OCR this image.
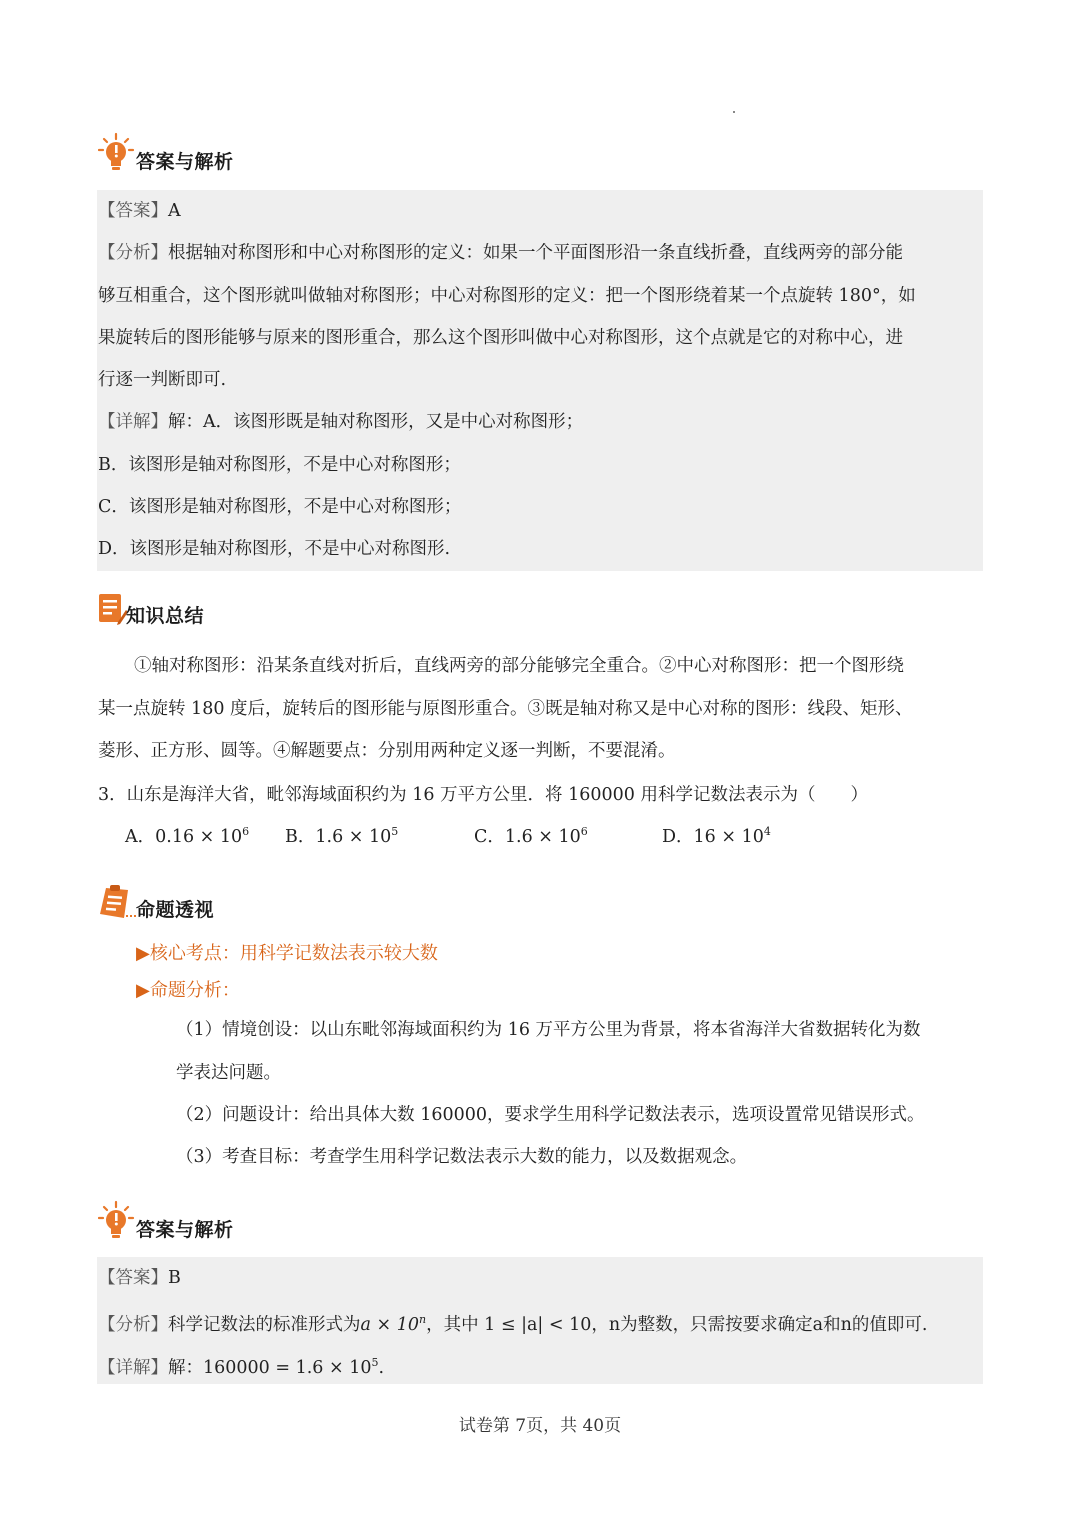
答案与解析
【答案】A
【分析】根据轴对称图形和中心对称图形的定义：如果一个平面图形沿一条直线折叠，直线两旁的部分能
够互相重合，这个图形就叫做轴对称图形；中心对称图形的定义：把一个图形绕着某一个点旋转 180°，如
果旋转后的图形能够与原来的图形重合，那么这个图形叫做中心对称图形，这个点就是它的对称中心，进
行逐一判断即可.
【详解】解：A．该图形既是轴对称图形，又是中心对称图形；
B．该图形是轴对称图形，不是中心对称图形；
C．该图形是轴对称图形，不是中心对称图形；
D．该图形是轴对称图形，不是中心对称图形.
知识总结
①轴对称图形：沿某条直线对折后，直线两旁的部分能够完全重合。②中心对称图形：把一个图形绕
某一点旋转 180 度后，旋转后的图形能与原图形重合。③既是轴对称又是中心对称的图形：线段、矩形、
菱形、正方形、圆等。④解题要点：分别用两种定义逐一判断，不要混淆。
3．山东是海洋大省，毗邻海域面积约为 16 万平方公里．将 160000 用科学记数法表示为（　　）
A．$0.16 \times 10^6$ B．$1.6 \times 10^5$	C．$1.6 \times 10^6$	D．$16 \times 10^4$
命题透视
▶核心考点：用科学记数法表示较大数
▶命题分析：
（1）情境创设：以山东毗邻海域面积约为 16 万平方公里为背景，将本省海洋大省数据转化为数
学表达问题。
（2）问题设计：给出具体大数 160000，要求学生用科学记数法表示，选项设置常见错误形式。
（3）考查目标：考查学生用科学记数法表示大数的能力，以及数据观念。
答案与解析
【答案】B
【分析】科学记数法的标准形式为$a \times 10^n$，其中 1 ≤ |a| < 10，n为整数，只需按要求确定a和n的值即可.
【详解】解：$160000 = 1.6 \times 10^5$.
试卷第 7页，共 40页
